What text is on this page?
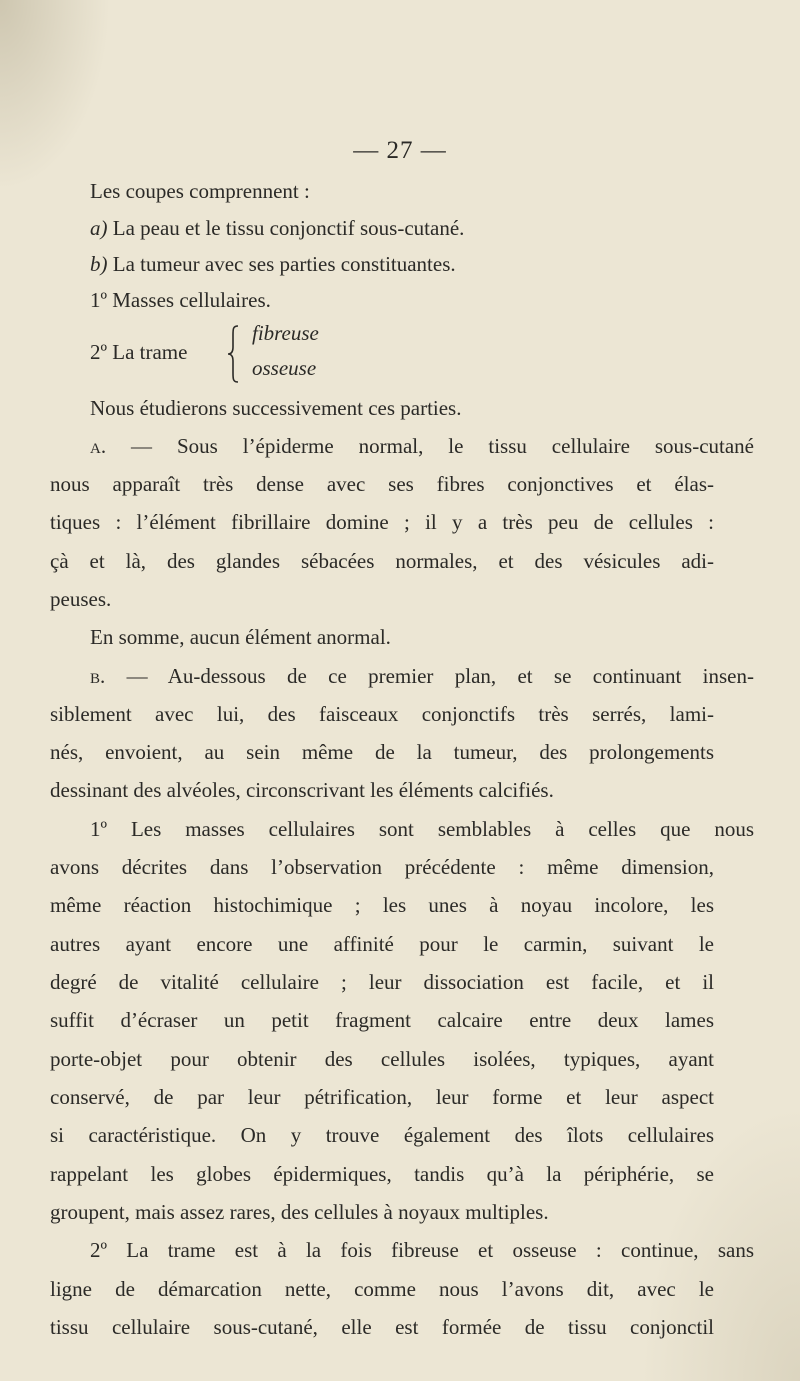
— 27 —
Les coupes comprennent :
a) La peau et le tissu conjonctif sous-cutané.
b) La tumeur avec ses parties constituantes.
1º Masses cellulaires.
2º La trame
fibreuse
osseuse
Nous étudierons successivement ces parties.
a. — Sous l’épiderme normal, le tissu cellulaire sous-cutané
nous apparaît très dense avec ses fibres conjonctives et élas-
tiques : l’élément fibrillaire domine ; il y a très peu de cellules :
çà et là, des glandes sébacées normales, et des vésicules adi-
peuses.
En somme, aucun élément anormal.
b. — Au-dessous de ce premier plan, et se continuant insen-
siblement avec lui, des faisceaux conjonctifs très serrés, lami-
nés, envoient, au sein même de la tumeur, des prolongements
dessinant des alvéoles, circonscrivant les éléments calcifiés.
1º Les masses cellulaires sont semblables à celles que nous
avons décrites dans l’observation précédente : même dimension,
même réaction histochimique ; les unes à noyau incolore, les
autres ayant encore une affinité pour le carmin, suivant le
degré de vitalité cellulaire ; leur dissociation est facile, et il
suffit d’écraser un petit fragment calcaire entre deux lames
porte-objet pour obtenir des cellules isolées, typiques, ayant
conservé, de par leur pétrification, leur forme et leur aspect
si caractéristique. On y trouve également des îlots cellulaires
rappelant les globes épidermiques, tandis qu’à la périphérie, se
groupent, mais assez rares, des cellules à noyaux multiples.
2º La trame est à la fois fibreuse et osseuse : continue, sans
ligne de démarcation nette, comme nous l’avons dit, avec le
tissu cellulaire sous-cutané, elle est formée de tissu conjonctil
